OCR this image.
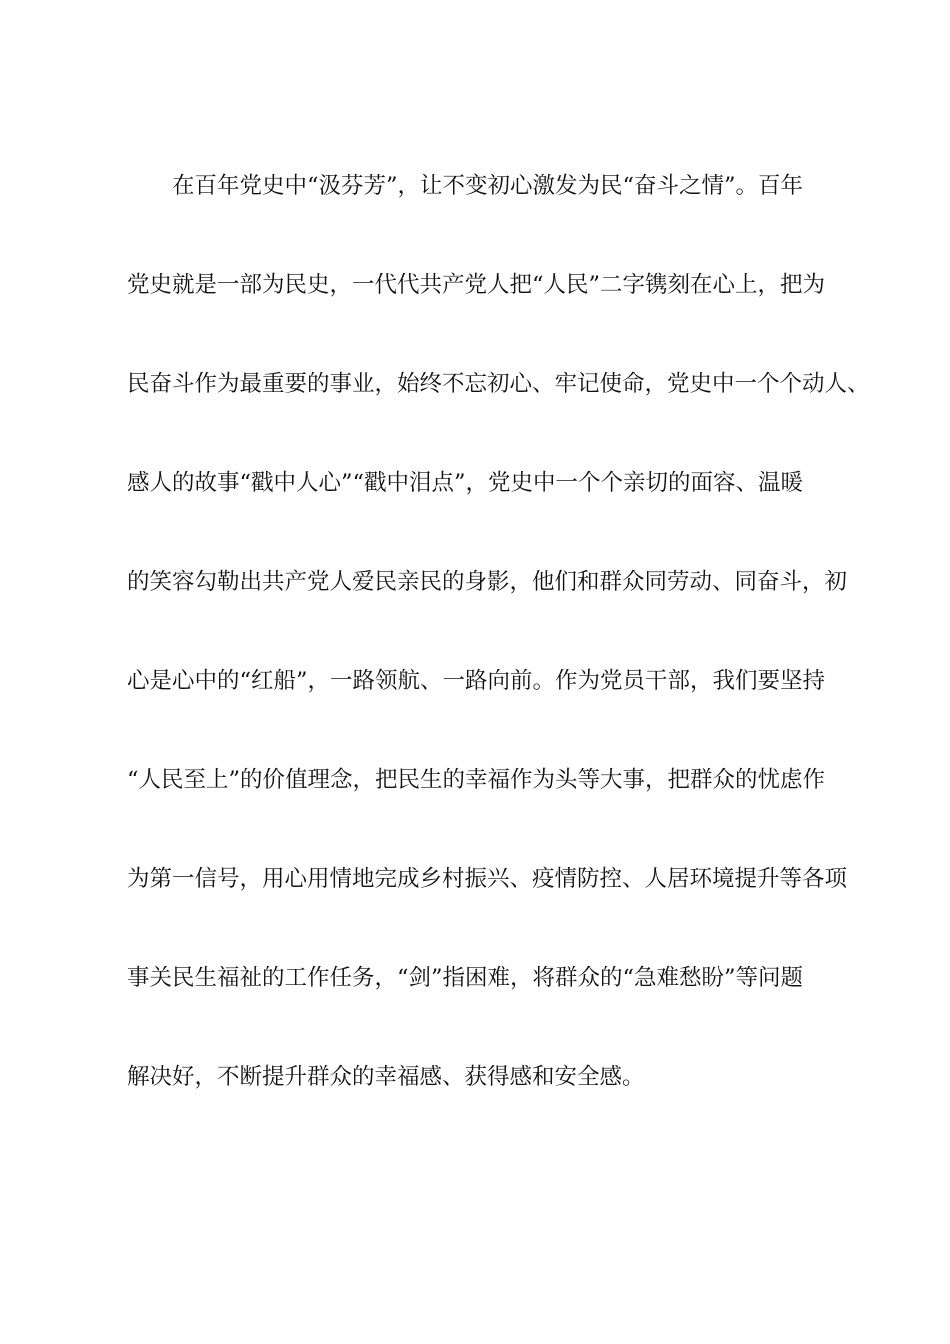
在百年党史中“汲芬芳”，让不变初心激发为民“奋斗之情”。百年
党史就是一部为民史，一代代共产党人把“人民”二字镌刻在心上，把为
民奋斗作为最重要的事业，始终不忘初心、牢记使命，党史中一个个动人、
感人的故事“戳中人心”“戳中泪点”，党史中一个个亲切的面容、温暖
的笑容勾勒出共产党人爱民亲民的身影，他们和群众同劳动、同奋斗，初
心是心中的“红船”，一路领航、一路向前。作为党员干部，我们要坚持
“人民至上”的价值理念，把民生的幸福作为头等大事，把群众的忧虑作
为第一信号，用心用情地完成乡村振兴、疫情防控、人居环境提升等各项
事关民生福祉的工作任务，“剑”指困难，将群众的“急难愁盼”等问题
解决好，不断提升群众的幸福感、获得感和安全感。
